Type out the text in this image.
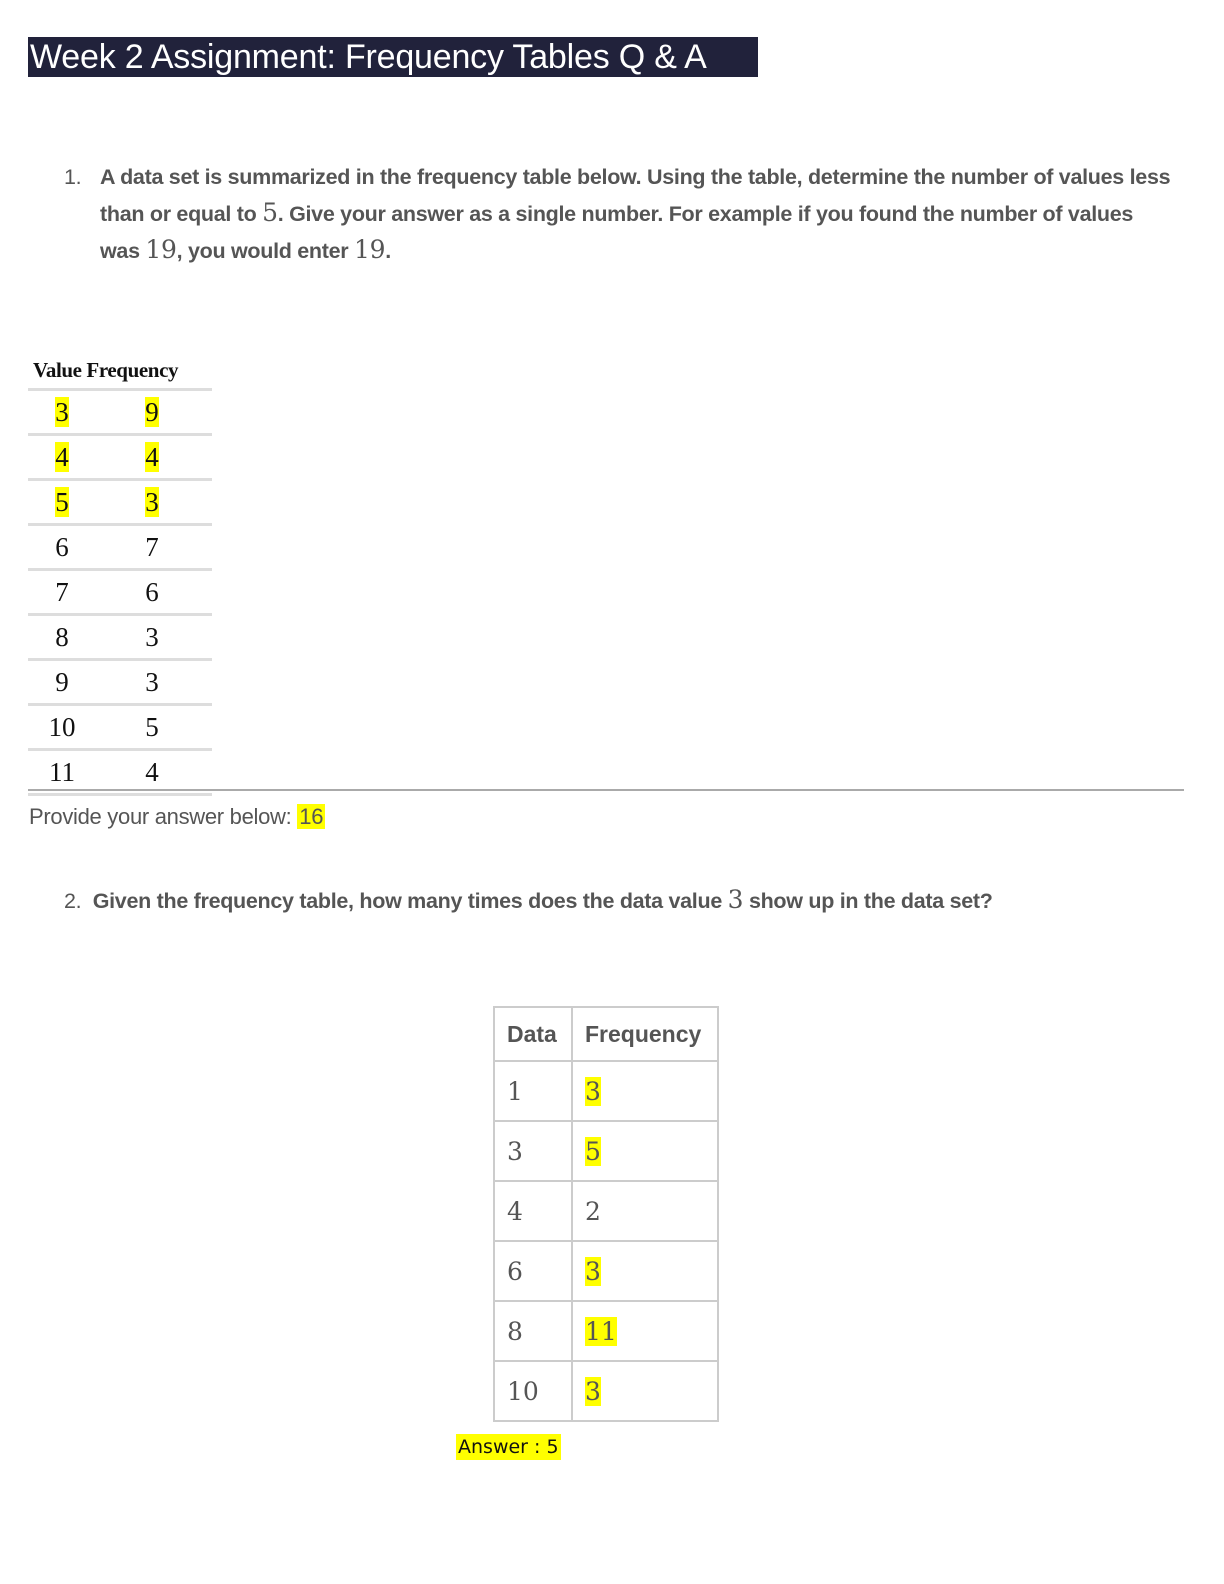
Week 2 Assignment: Frequency Tables Q & A
1. A data set is summarized in the frequency table below. Using the table, determine the number of values less than or equal to 5. Give your answer as a single number. For example if you found the number of values was 19, you would enter 19.
Value Frequency
3	9
4	4
5	3
6	7
7	6
8	3
9	3
10	5
11	4
Provide your answer below: 16
2. Given the frequency table, how many times does the data value 3 show up in the data set?
Data	Frequency
1	3
3	5
4	2
6	3
8	11
10	3
Answer : 5
